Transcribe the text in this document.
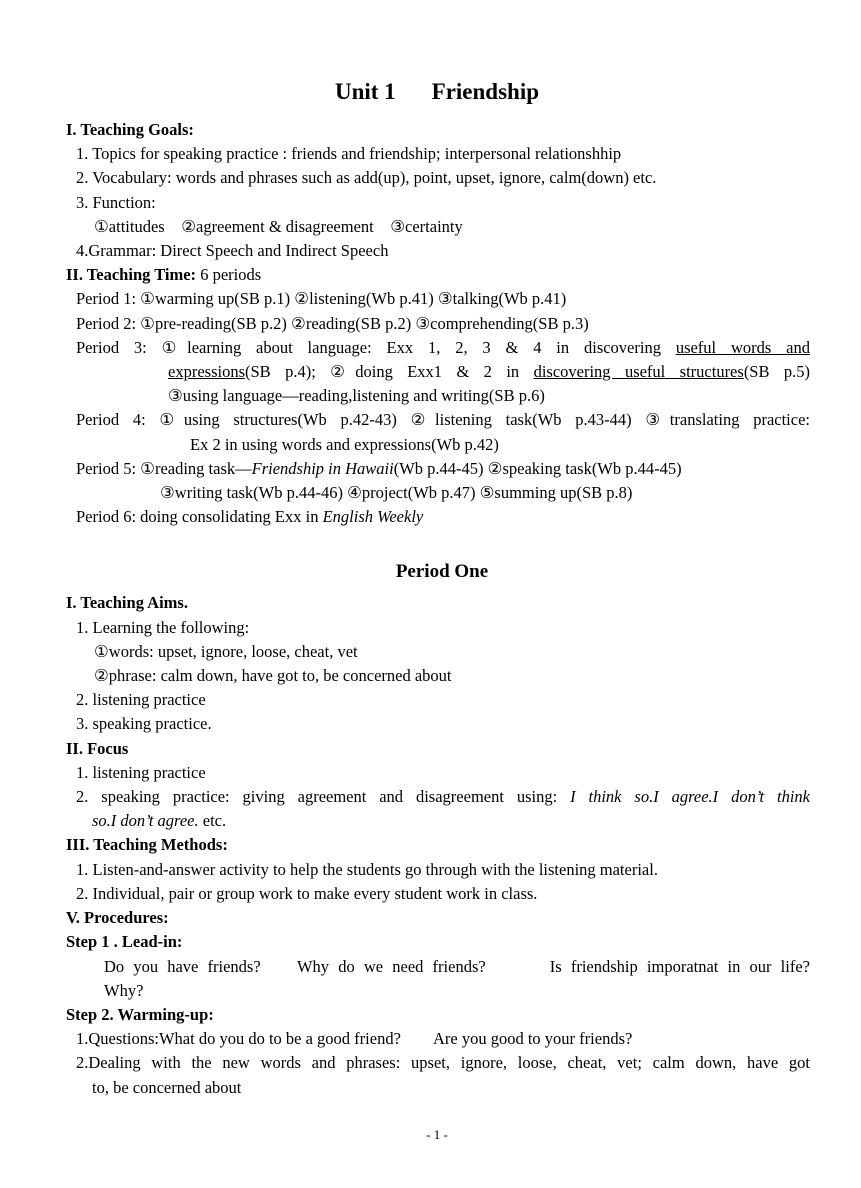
Unit 1 Friendship
I. Teaching Goals:
1. Topics for speaking practice : friends and friendship; interpersonal relationshhip
2. Vocabulary: words and phrases such as add(up), point, upset, ignore, calm(down) etc.
3. Function:
①attitudes    ②agreement & disagreement    ③certainty
4.Grammar: Direct Speech and Indirect Speech
II. Teaching Time: 6 periods
Period 1: ①warming up(SB p.1) ②listening(Wb p.41) ③talking(Wb p.41)
Period 2: ①pre-reading(SB p.2) ②reading(SB p.2) ③comprehending(SB p.3)
Period 3: ①learning about language: Exx 1, 2, 3 & 4 in discovering useful words and
expressions(SB p.4); ②doing Exx1 & 2 in discovering useful structures(SB p.5)
③using language—reading,listening and writing(SB p.6)
Period 4: ①using structures(Wb p.42-43) ②listening task(Wb p.43-44) ③translating practice:
Ex 2 in using words and expressions(Wb p.42)
Period 5: ①reading task—Friendship in Hawaii(Wb p.44-45) ②speaking task(Wb p.44-45)
③writing task(Wb p.44-46) ④project(Wb p.47) ⑤summing up(SB p.8)
Period 6: doing consolidating Exx in English Weekly
Period One
I. Teaching Aims.
1. Learning the following:
①words: upset, ignore, loose, cheat, vet
②phrase: calm down, have got to, be concerned about
2. listening practice
3. speaking practice.
II. Focus
1. listening practice
2. speaking practice: giving agreement and disagreement using: I think so.I agree.I don’t think
so.I don’t agree. etc.
III. Teaching Methods:
1. Listen-and-answer activity to help the students go through with the listening material.
2. Individual, pair or group work to make every student work in class.
V. Procedures:
Step 1 . Lead-in:
Do you have friends?    Why do we need friends?       Is friendship imporatnat in our life?
Why?
Step 2. Warming-up:
1.Questions:What do you do to be a good friend?        Are you good to your friends?
2.Dealing with the new words and phrases: upset, ignore, loose, cheat, vet; calm down, have got
to, be concerned about
- 1 -
